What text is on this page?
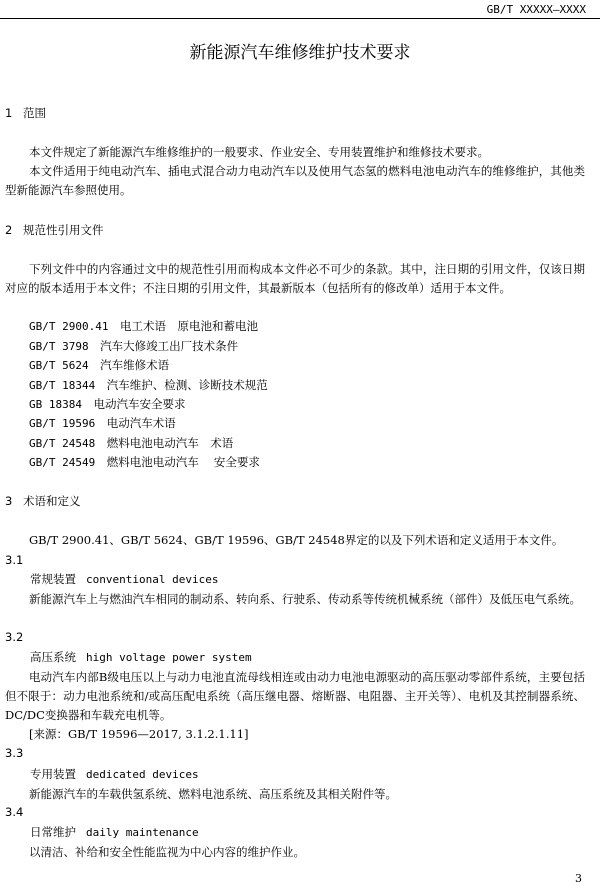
GB/T XXXXX—XXXX
新能源汽车维修维护技术要求
1 范围
本文件规定了新能源汽车维修维护的一般要求、作业安全、专用装置维护和维修技术要求。
本文件适用于纯电动汽车、插电式混合动力电动汽车以及使用气态氢的燃料电池电动汽车的维修维护，其他类型新能源汽车参照使用。
2 规范性引用文件
下列文件中的内容通过文中的规范性引用而构成本文件必不可少的条款。其中，注日期的引用文件，仅该日期对应的版本适用于本文件；不注日期的引用文件，其最新版本（包括所有的修改单）适用于本文件。
GB/T 2900.41　 电工术语　原电池和蓄电池
GB/T 3798　 汽车大修竣工出厂技术条件
GB/T 5624　 汽车维修术语
GB/T 18344　 汽车维护、检测、诊断技术规范
GB 18384　 电动汽车安全要求
GB/T 19596　 电动汽车术语
GB/T 24548　 燃料电池电动汽车　术语
GB/T 24549　 燃料电池电动汽车　 安全要求
3 术语和定义
GB/T 2900.41、GB/T 5624、GB/T 19596、GB/T 24548界定的以及下列术语和定义适用于本文件。
3.1
常规装置 conventional devices
新能源汽车上与燃油汽车相同的制动系、转向系、行驶系、传动系等传统机械系统（部件）及低压电气系统。
3.2
高压系统 high voltage power system
电动汽车内部B级电压以上与动力电池直流母线相连或由动力电池电源驱动的高压驱动零部件系统，主要包括但不限于：动力电池系统和/或高压配电系统（高压继电器、熔断器、电阻器、主开关等）、电机及其控制器系统、DC/DC变换器和车载充电机等。
[来源：GB/T 19596—2017, 3.1.2.1.11]
3.3
专用装置 dedicated devices
新能源汽车的车载供氢系统、燃料电池系统、高压系统及其相关附件等。
3.4
日常维护 daily maintenance
以清洁、补给和安全性能监视为中心内容的维护作业。
3
